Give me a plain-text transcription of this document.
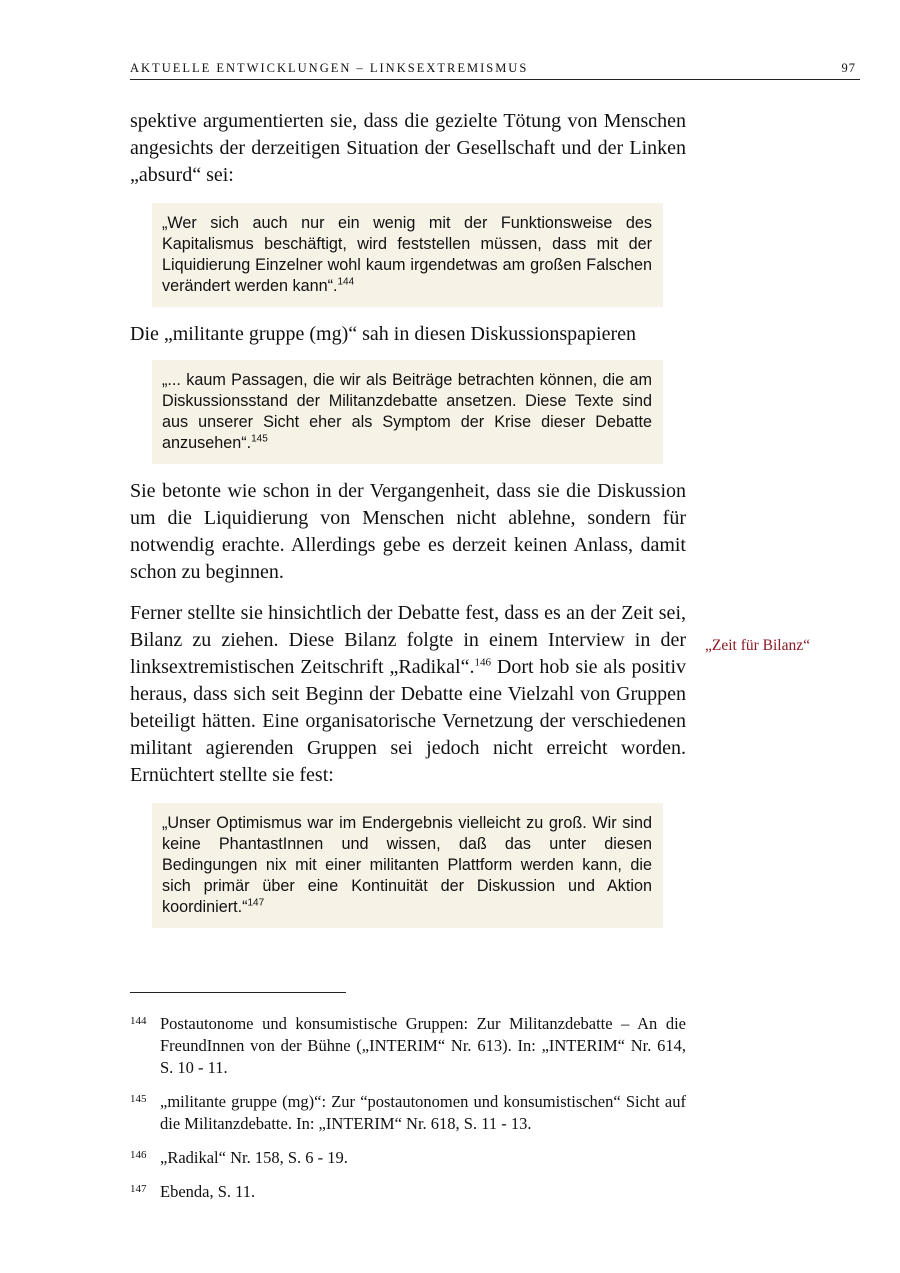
AKTUELLE ENTWICKLUNGEN – LINKSEXTREMISMUS	97

spektive argumentierten sie, dass die gezielte Tötung von Menschen angesichts der derzeitigen Situation der Gesellschaft und der Linken „absurd“ sei:

„Wer sich auch nur ein wenig mit der Funktionsweise des Kapitalismus beschäftigt, wird feststellen müssen, dass mit der Liquidierung Einzelner wohl kaum irgendetwas am großen Falschen verändert werden kann“.$^{144}$

Die „militante gruppe (mg)“ sah in diesen Diskussionspapieren

„... kaum Passagen, die wir als Beiträge betrachten können, die am Diskussionsstand der Militanzdebatte ansetzen. Diese Texte sind aus unserer Sicht eher als Symptom der Krise dieser Debatte anzusehen“.$^{145}$

Sie betonte wie schon in der Vergangenheit, dass sie die Diskussion um die Liquidierung von Menschen nicht ablehne, sondern für notwendig erachte. Allerdings gebe es derzeit keinen Anlass, damit schon zu beginnen.

Ferner stellte sie hinsichtlich der Debatte fest, dass es an der Zeit sei, Bilanz zu ziehen. Diese Bilanz folgte in einem Interview in der linksextremistischen Zeitschrift „Radikal“.$^{146}$ Dort hob sie als positiv heraus, dass sich seit Beginn der Debatte eine Vielzahl von Gruppen beteiligt hätten. Eine organisatorische Vernetzung der verschiedenen militant agierenden Gruppen sei jedoch nicht erreicht worden. Ernüchtert stellte sie fest:

„Unser Optimismus war im Endergebnis vielleicht zu groß. Wir sind keine PhantastInnen und wissen, daß das unter diesen Bedingungen nix mit einer militanten Plattform werden kann, die sich primär über eine Kontinuität der Diskussion und Aktion koordiniert.“$^{147}$
„Zeit für Bilanz“
144 Postautonome und konsumistische Gruppen: Zur Militanzdebatte – An die FreundInnen von der Bühne („INTERIM“ Nr. 613). In: „INTERIM“ Nr. 614, S. 10 - 11.
145 „militante gruppe (mg)“: Zur “postautonomen und konsumistischen“ Sicht auf die Militanzdebatte. In: „INTERIM“ Nr. 618, S. 11 - 13.
146 „Radikal“ Nr. 158, S. 6 - 19.
147 Ebenda, S. 11.
